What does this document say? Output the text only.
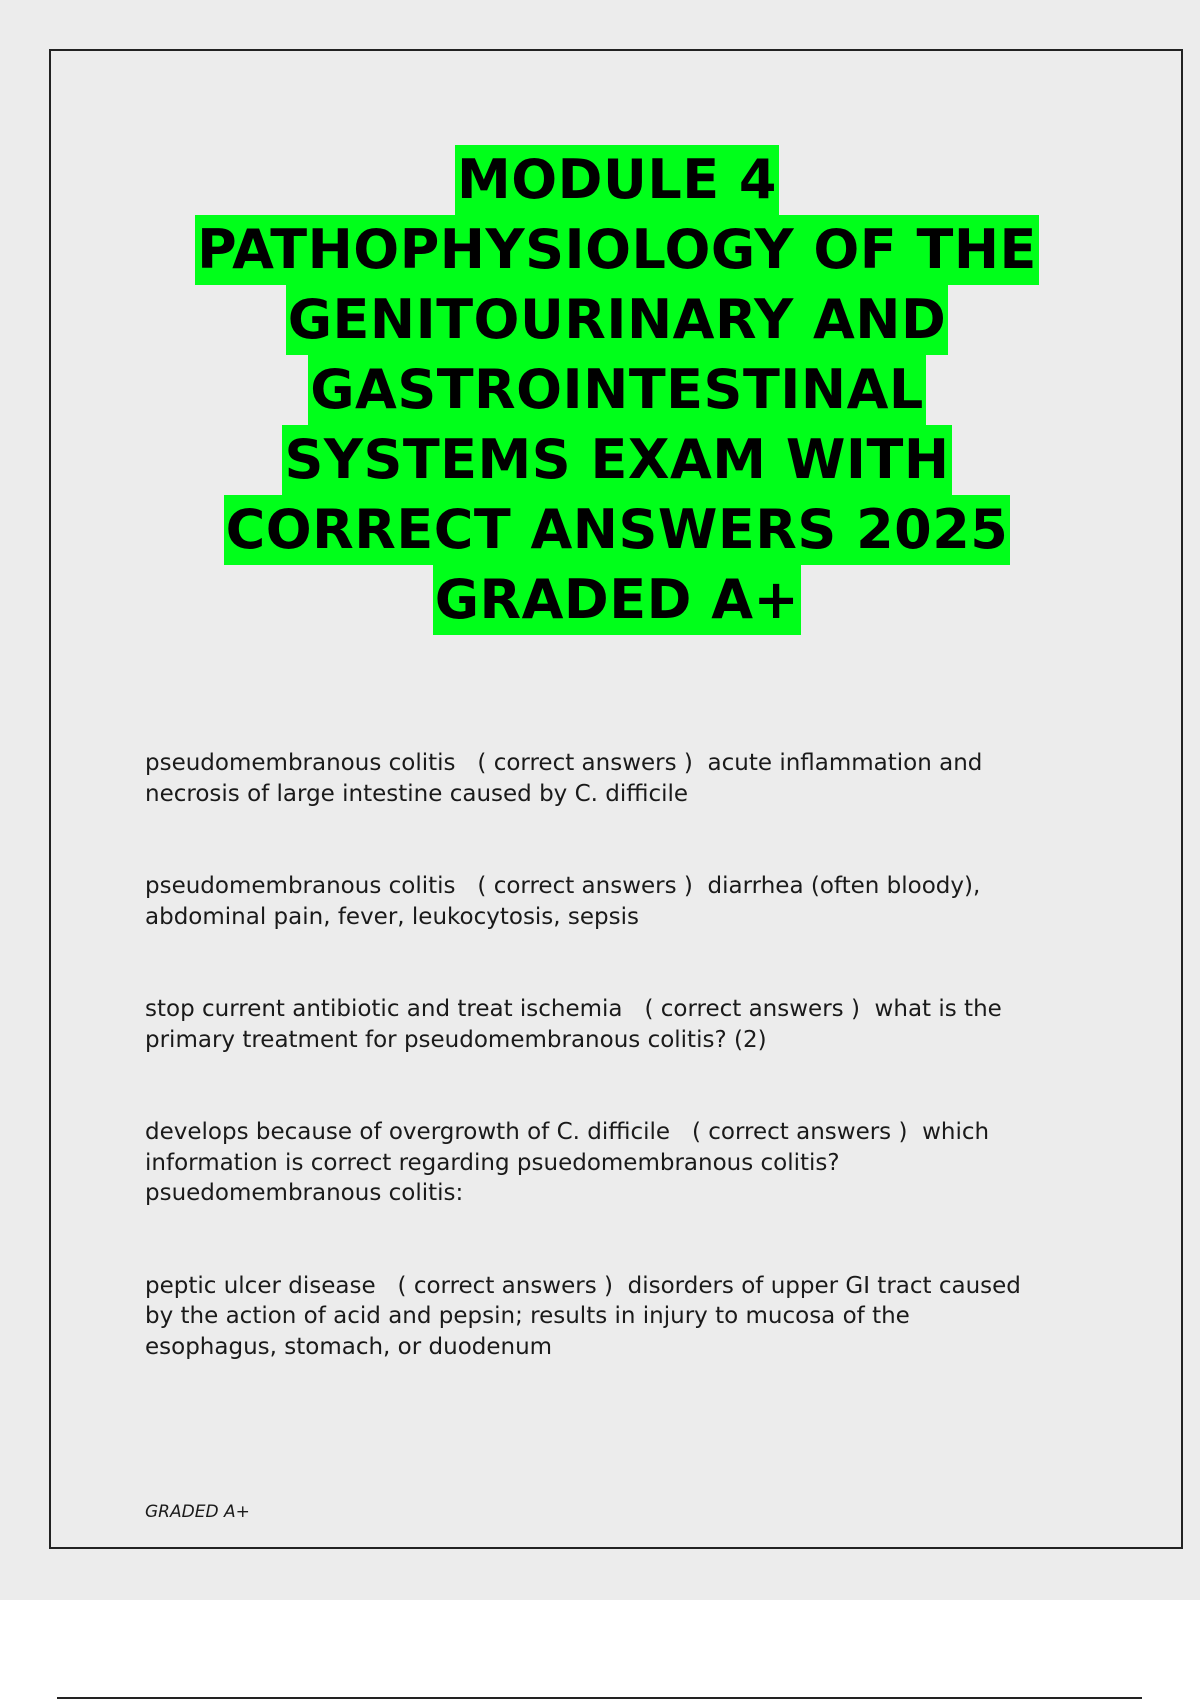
MODULE 4
PATHOPHYSIOLOGY OF THE
GENITOURINARY AND
GASTROINTESTINAL
SYSTEMS EXAM WITH
CORRECT ANSWERS 2025
GRADED A+

pseudomembranous colitis   ( correct answers )  acute inflammation and
necrosis of large intestine caused by C. difficile

pseudomembranous colitis   ( correct answers )  diarrhea (often bloody),
abdominal pain, fever, leukocytosis, sepsis

stop current antibiotic and treat ischemia   ( correct answers )  what is the
primary treatment for pseudomembranous colitis? (2)

develops because of overgrowth of C. difficile   ( correct answers )  which
information is correct regarding psuedomembranous colitis?
psuedomembranous colitis:

peptic ulcer disease   ( correct answers )  disorders of upper GI tract caused
by the action of acid and pepsin; results in injury to mucosa of the
esophagus, stomach, or duodenum

GRADED A+
